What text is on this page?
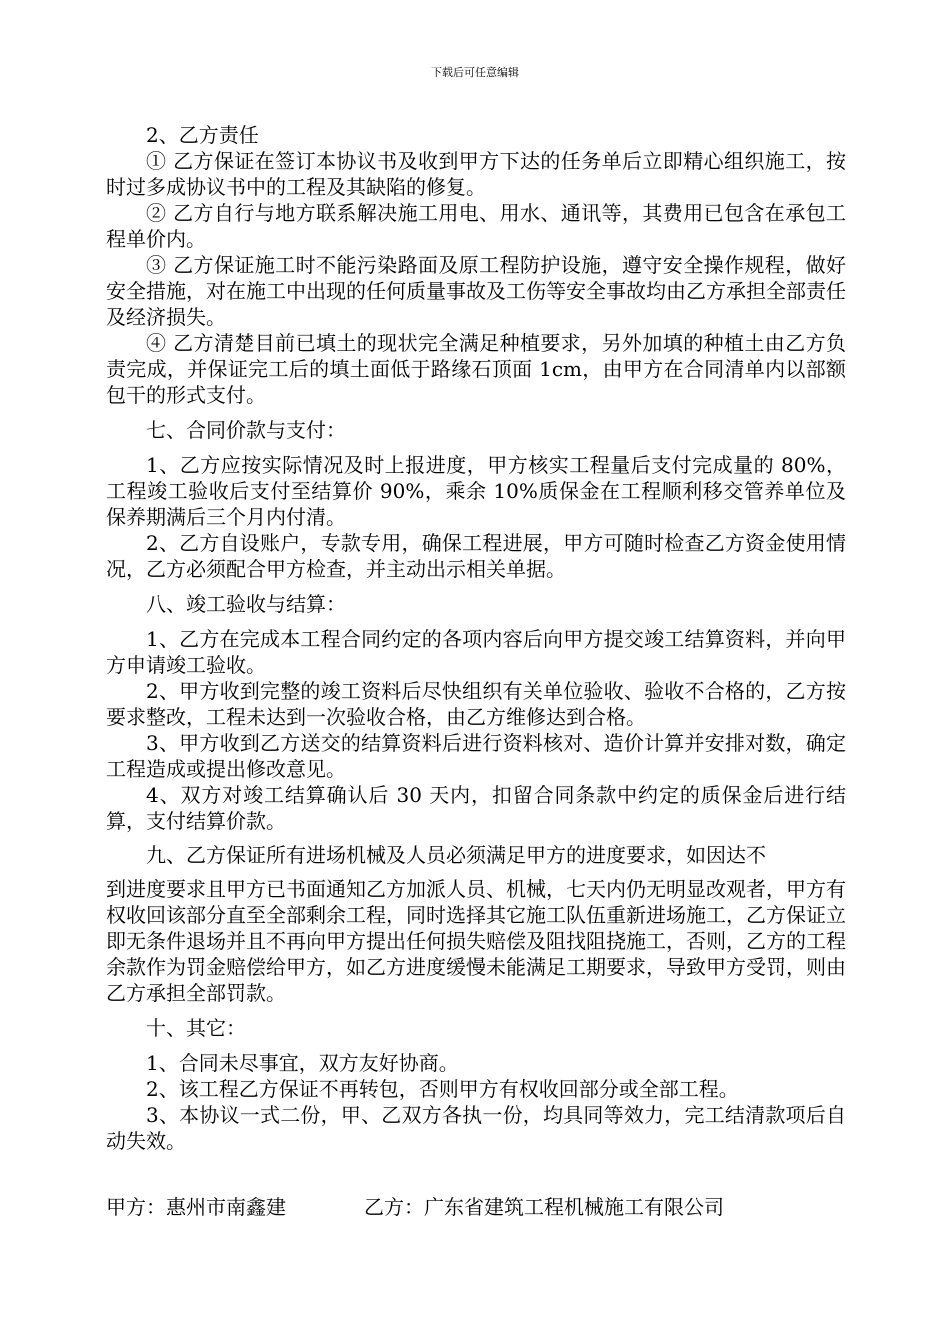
下载后可任意编辑

2、乙方责任

① 乙方保证在签订本协议书及收到甲方下达的任务单后立即精心组织施工，按时过多成协议书中的工程及其缺陷的修复。

② 乙方自行与地方联系解决施工用电、用水、通讯等，其费用已包含在承包工程单价内。

③ 乙方保证施工时不能污染路面及原工程防护设施，遵守安全操作规程，做好安全措施，对在施工中出现的任何质量事故及工伤等安全事故均由乙方承担全部责任及经济损失。

④ 乙方清楚目前已填土的现状完全满足种植要求，另外加填的种植土由乙方负责完成，并保证完工后的填土面低于路缘石顶面 1cm，由甲方在合同清单内以部额包干的形式支付。

七、合同价款与支付：

1、乙方应按实际情况及时上报进度，甲方核实工程量后支付完成量的 80%，工程竣工验收后支付至结算价 90%，乘余 10%质保金在工程顺利移交管养单位及保养期满后三个月内付清。

2、乙方自设账户，专款专用，确保工程进展，甲方可随时检查乙方资金使用情况，乙方必须配合甲方检查，并主动出示相关单据。

八、竣工验收与结算：

1、乙方在完成本工程合同约定的各项内容后向甲方提交竣工结算资料，并向甲方申请竣工验收。

2、甲方收到完整的竣工资料后尽快组织有关单位验收、验收不合格的，乙方按要求整改，工程未达到一次验收合格，由乙方维修达到合格。

3、甲方收到乙方送交的结算资料后进行资料核对、造价计算并安排对数，确定工程造成或提出修改意见。

4、双方对竣工结算确认后 30 天内，扣留合同条款中约定的质保金后进行结算，支付结算价款。

九、乙方保证所有进场机械及人员必须满足甲方的进度要求，如因达不

到进度要求且甲方已书面通知乙方加派人员、机械，七天内仍无明显改观者，甲方有权收回该部分直至全部剩余工程，同时选择其它施工队伍重新进场施工，乙方保证立即无条件退场并且不再向甲方提出任何损失赔偿及阻找阻挠施工，否则，乙方的工程余款作为罚金赔偿给甲方，如乙方进度缓慢未能满足工期要求，导致甲方受罚，则由乙方承担全部罚款。

十、其它：

1、合同未尽事宜，双方友好协商。

2、该工程乙方保证不再转包，否则甲方有权收回部分或全部工程。

3、本协议一式二份，甲、乙双方各执一份，均具同等效力，完工结清款项后自动失效。

甲方：惠州市南鑫建	乙方：广东省建筑工程机械施工有限公司
